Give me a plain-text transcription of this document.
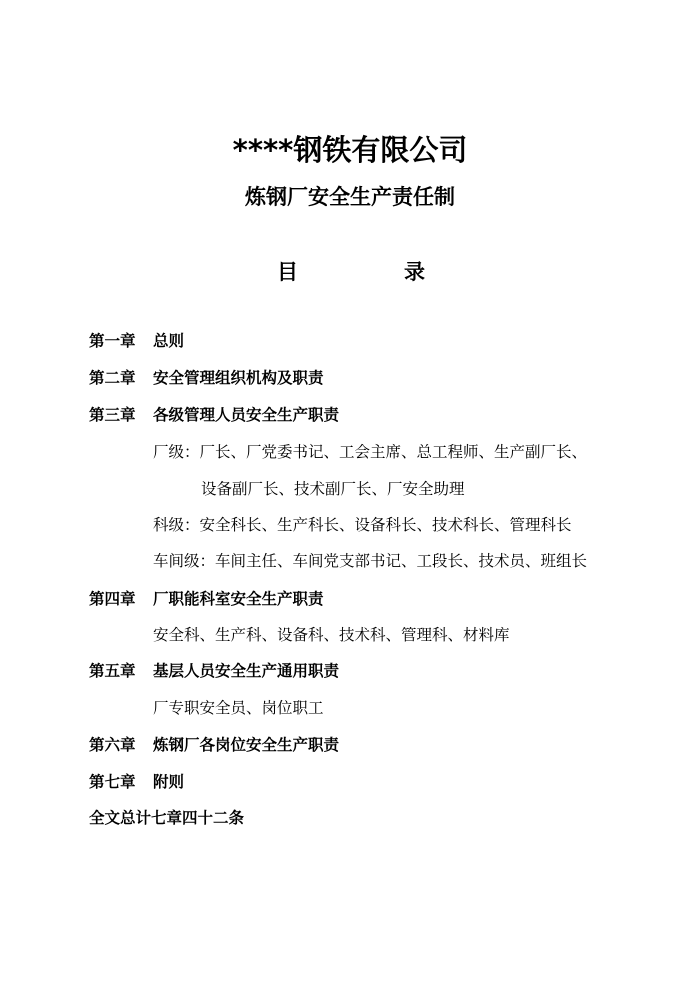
****钢铁有限公司
炼钢厂安全生产责任制
目	录
第一章 总则
第二章 安全管理组织机构及职责
第三章 各级管理人员安全生产职责
厂级：厂长、厂党委书记、工会主席、总工程师、生产副厂长、
设备副厂长、技术副厂长、厂安全助理
科级：安全科长、生产科长、设备科长、技术科长、管理科长
车间级：车间主任、车间党支部书记、工段长、技术员、班组长
第四章 厂职能科室安全生产职责
安全科、生产科、设备科、技术科、管理科、材料库
第五章 基层人员安全生产通用职责
厂专职安全员、岗位职工
第六章 炼钢厂各岗位安全生产职责
第七章 附则
全文总计七章四十二条
